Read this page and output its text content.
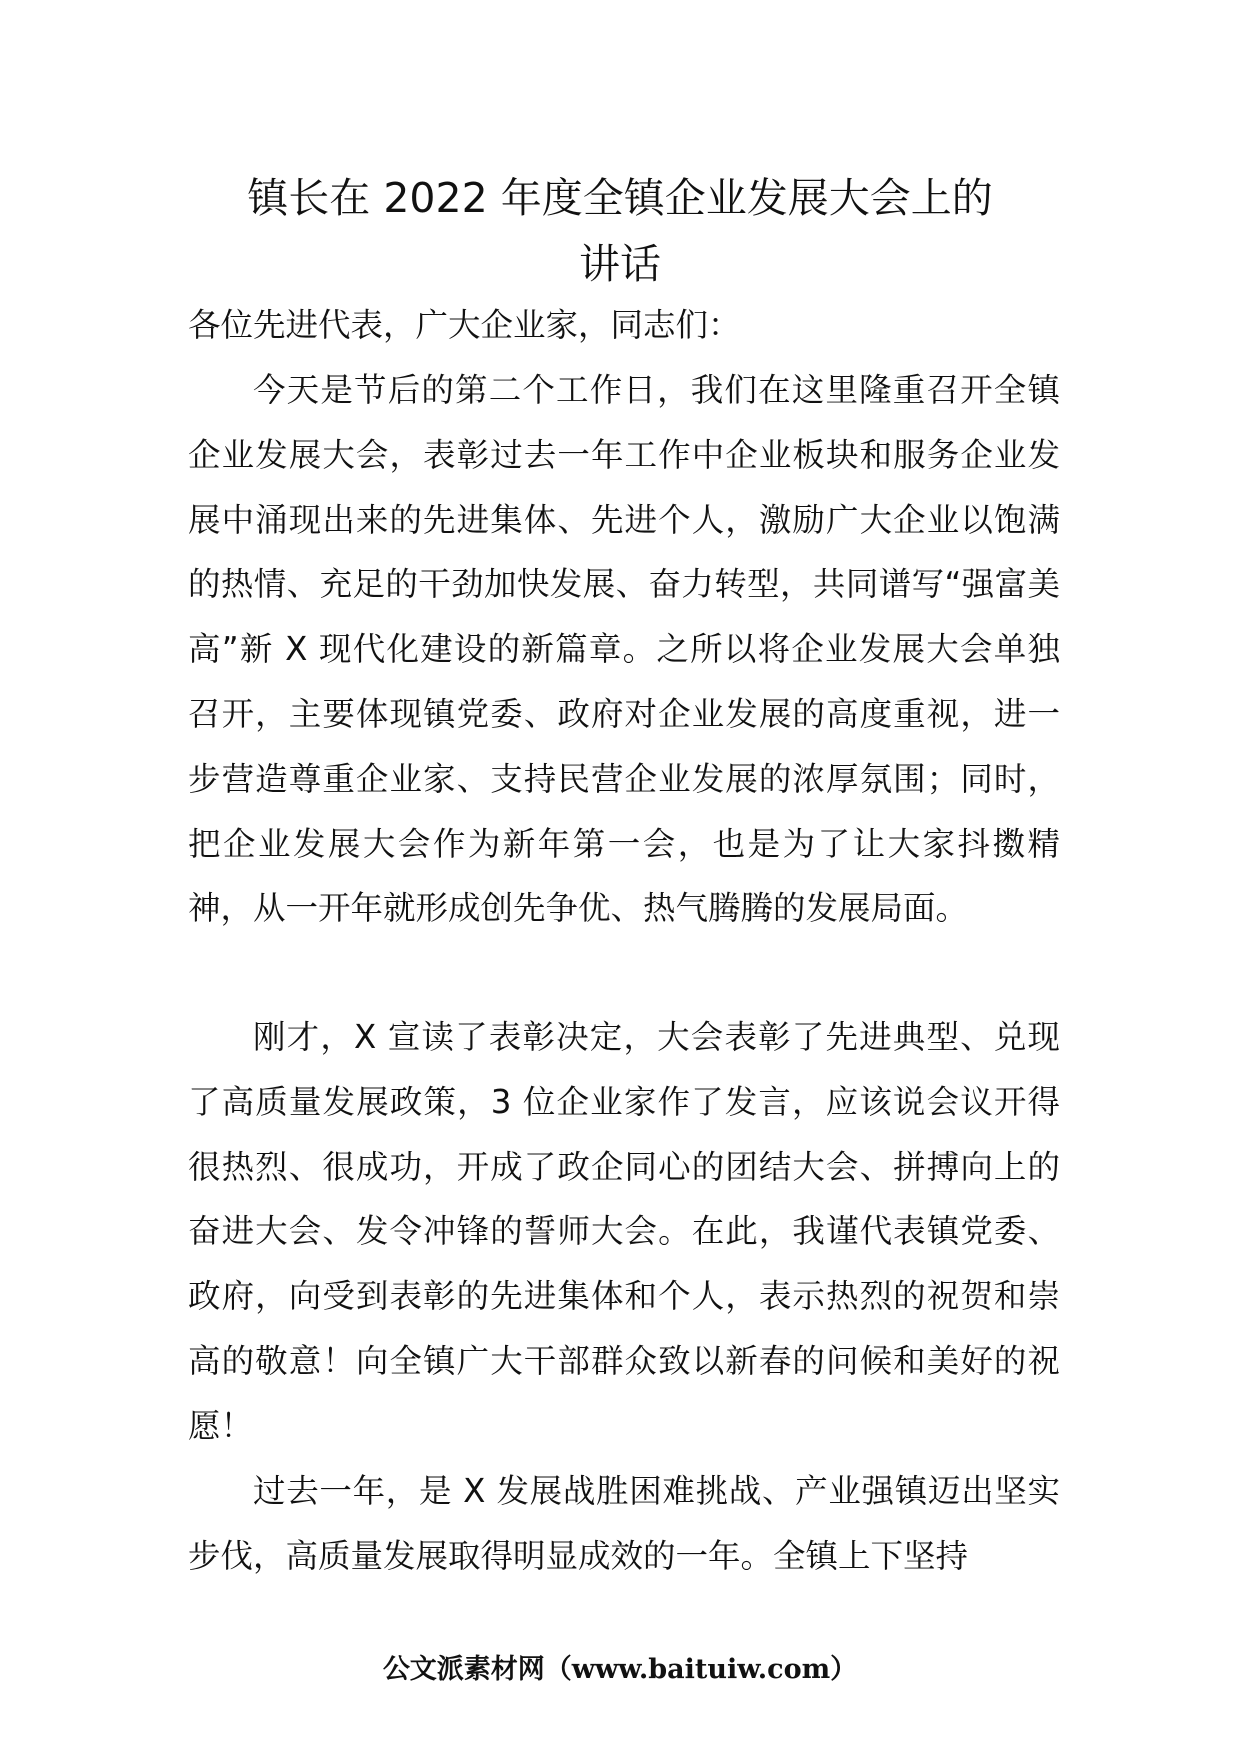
镇长在 2022 年度全镇企业发展大会上的
讲话

各位先进代表，广大企业家，同志们：

今天是节后的第二个工作日，我们在这里隆重召开全镇企业发展大会，表彰过去一年工作中企业板块和服务企业发展中涌现出来的先进集体、先进个人，激励广大企业以饱满的热情、充足的干劲加快发展、奋力转型，共同谱写“强富美高”新 X 现代化建设的新篇章。之所以将企业发展大会单独召开，主要体现镇党委、政府对企业发展的高度重视，进一步营造尊重企业家、支持民营企业发展的浓厚氛围；同时，把企业发展大会作为新年第一会，也是为了让大家抖擞精神，从一开年就形成创先争优、热气腾腾的发展局面。

刚才，X 宣读了表彰决定，大会表彰了先进典型、兑现了高质量发展政策，3 位企业家作了发言，应该说会议开得很热烈、很成功，开成了政企同心的团结大会、拼搏向上的奋进大会、发令冲锋的誓师大会。在此，我谨代表镇党委、政府，向受到表彰的先进集体和个人，表示热烈的祝贺和崇高的敬意！向全镇广大干部群众致以新春的问候和美好的祝愿！

过去一年，是 X 发展战胜困难挑战、产业强镇迈出坚实步伐，高质量发展取得明显成效的一年。全镇上下坚持

公文派素材网（www.baituiw.com）
